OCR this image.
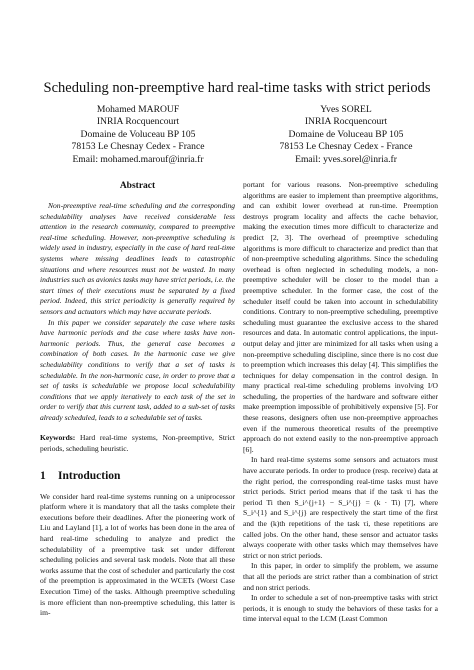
Scheduling non-preemptive hard real-time tasks with strict periods
Mohamed MAROUF
INRIA Rocquencourt
Domaine de Voluceau BP 105
78153 Le Chesnay Cedex - France
Email: mohamed.marouf@inria.fr
Yves SOREL
INRIA Rocquencourt
Domaine de Voluceau BP 105
78153 Le Chesnay Cedex - France
Email: yves.sorel@inria.fr
Abstract

Non-preemptive real-time scheduling and the corresponding schedulability analyses have received considerable less attention in the research community, compared to preemptive real-time scheduling. However, non-preemptive scheduling is widely used in industry, especially in the case of hard real-time systems where missing deadlines leads to catastrophic situations and where resources must not be wasted. In many industries such as avionics tasks may have strict periods, i.e. the start times of their executions must be separated by a fixed period. Indeed, this strict periodicity is generally required by sensors and actuators which may have accurate periods.

In this paper we consider separately the case where tasks have harmonic periods and the case where tasks have non-harmonic periods. Thus, the general case becomes a combination of both cases. In the harmonic case we give schedulability conditions to verify that a set of tasks is schedulable. In the non-harmonic case, in order to prove that a set of tasks is schedulable we propose local schedulability conditions that we apply iteratively to each task of the set in order to verify that this current task, added to a sub-set of tasks already scheduled, leads to a schedulable set of tasks.

Keywords: Hard real-time systems, Non-preemptive, Strict periods, scheduling heuristic.

1 Introduction

We consider hard real-time systems running on a uniprocessor platform where it is mandatory that all the tasks complete their executions before their deadlines. After the pioneering work of Liu and Layland [1], a lot of works has been done in the area of hard real-time scheduling to analyze and predict the schedulability of a preemptive task set under different scheduling policies and several task models. Note that all these works assume that the cost of scheduler and particularly the cost of the preemption is approximated in the WCETs (Worst Case Execution Time) of the tasks. Although preemptive scheduling is more efficient than non-preemptive scheduling, this latter is im-

portant for various reasons. Non-preemptive scheduling algorithms are easier to implement than preemptive algorithms, and can exhibit lower overhead at run-time. Preemption destroys program locality and affects the cache behavior, making the execution times more difficult to characterize and predict [2, 3]. The overhead of preemptive scheduling algorithms is more difficult to characterize and predict than that of non-preemptive scheduling algorithms. Since the scheduling overhead is often neglected in scheduling models, a non-preemptive scheduler will be closer to the model than a preemptive scheduler. In the former case, the cost of the scheduler itself could be taken into account in schedulability conditions. Contrary to non-preemptive scheduling, preemptive scheduling must guarantee the exclusive access to the shared resources and data. In automatic control applications, the input-output delay and jitter are minimized for all tasks when using a non-preemptive scheduling discipline, since there is no cost due to preemption which increases this delay [4]. This simplifies the techniques for delay compensation in the control design. In many practical real-time scheduling problems involving I/O scheduling, the properties of the hardware and software either make preemption impossible of prohibitively expensive [5]. For these reasons, designers often use non-preemptive approaches even if the numerous theoretical results of the preemptive approach do not extend easily to the non-preemptive approach [6].

In hard real-time systems some sensors and actuators must have accurate periods. In order to produce (resp. receive) data at the right period, the corresponding real-time tasks must have strict periods. Strict period means that if the task τi has the period Ti then S_i^{j+1} − S_i^{j} = (k · Ti) [7], where S_i^{1} and S_i^{j} are respectively the start time of the first and the (k)th repetitions of the task τi, these repetitions are called jobs. On the other hand, these sensor and actuator tasks always cooperate with other tasks which may themselves have strict or non strict periods.

In this paper, in order to simplify the problem, we assume that all the periods are strict rather than a combination of strict and non strict periods.

In order to schedule a set of non-preemptive tasks with strict periods, it is enough to study the behaviors of these tasks for a time interval equal to the LCM (Least Common
